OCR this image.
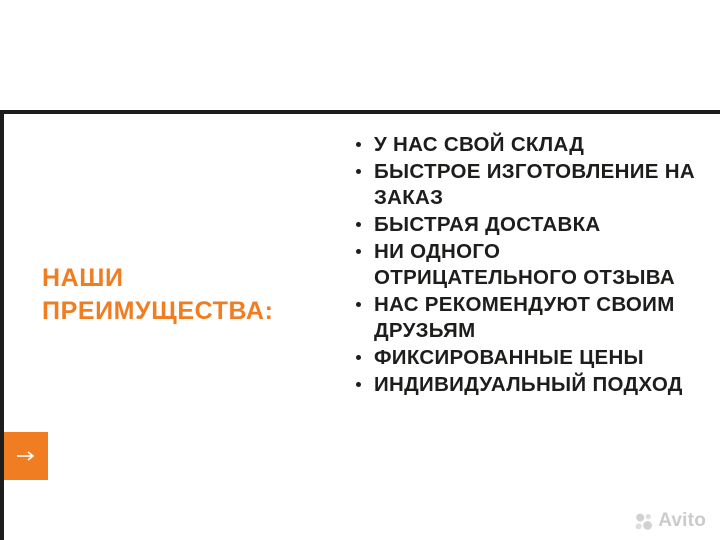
НАШИ ПРЕИМУЩЕСТВА:
У НАС СВОЙ СКЛАД
БЫСТРОЕ ИЗГОТОВЛЕНИЕ НА ЗАКАЗ
БЫСТРАЯ ДОСТАВКА
НИ ОДНОГО ОТРИЦАТЕЛЬНОГО ОТЗЫВА
НАС РЕКОМЕНДУЮТ СВОИМ ДРУЗЬЯМ
ФИКСИРОВАННЫЕ ЦЕНЫ
ИНДИВИДУАЛЬНЫЙ ПОДХОД
Avito
